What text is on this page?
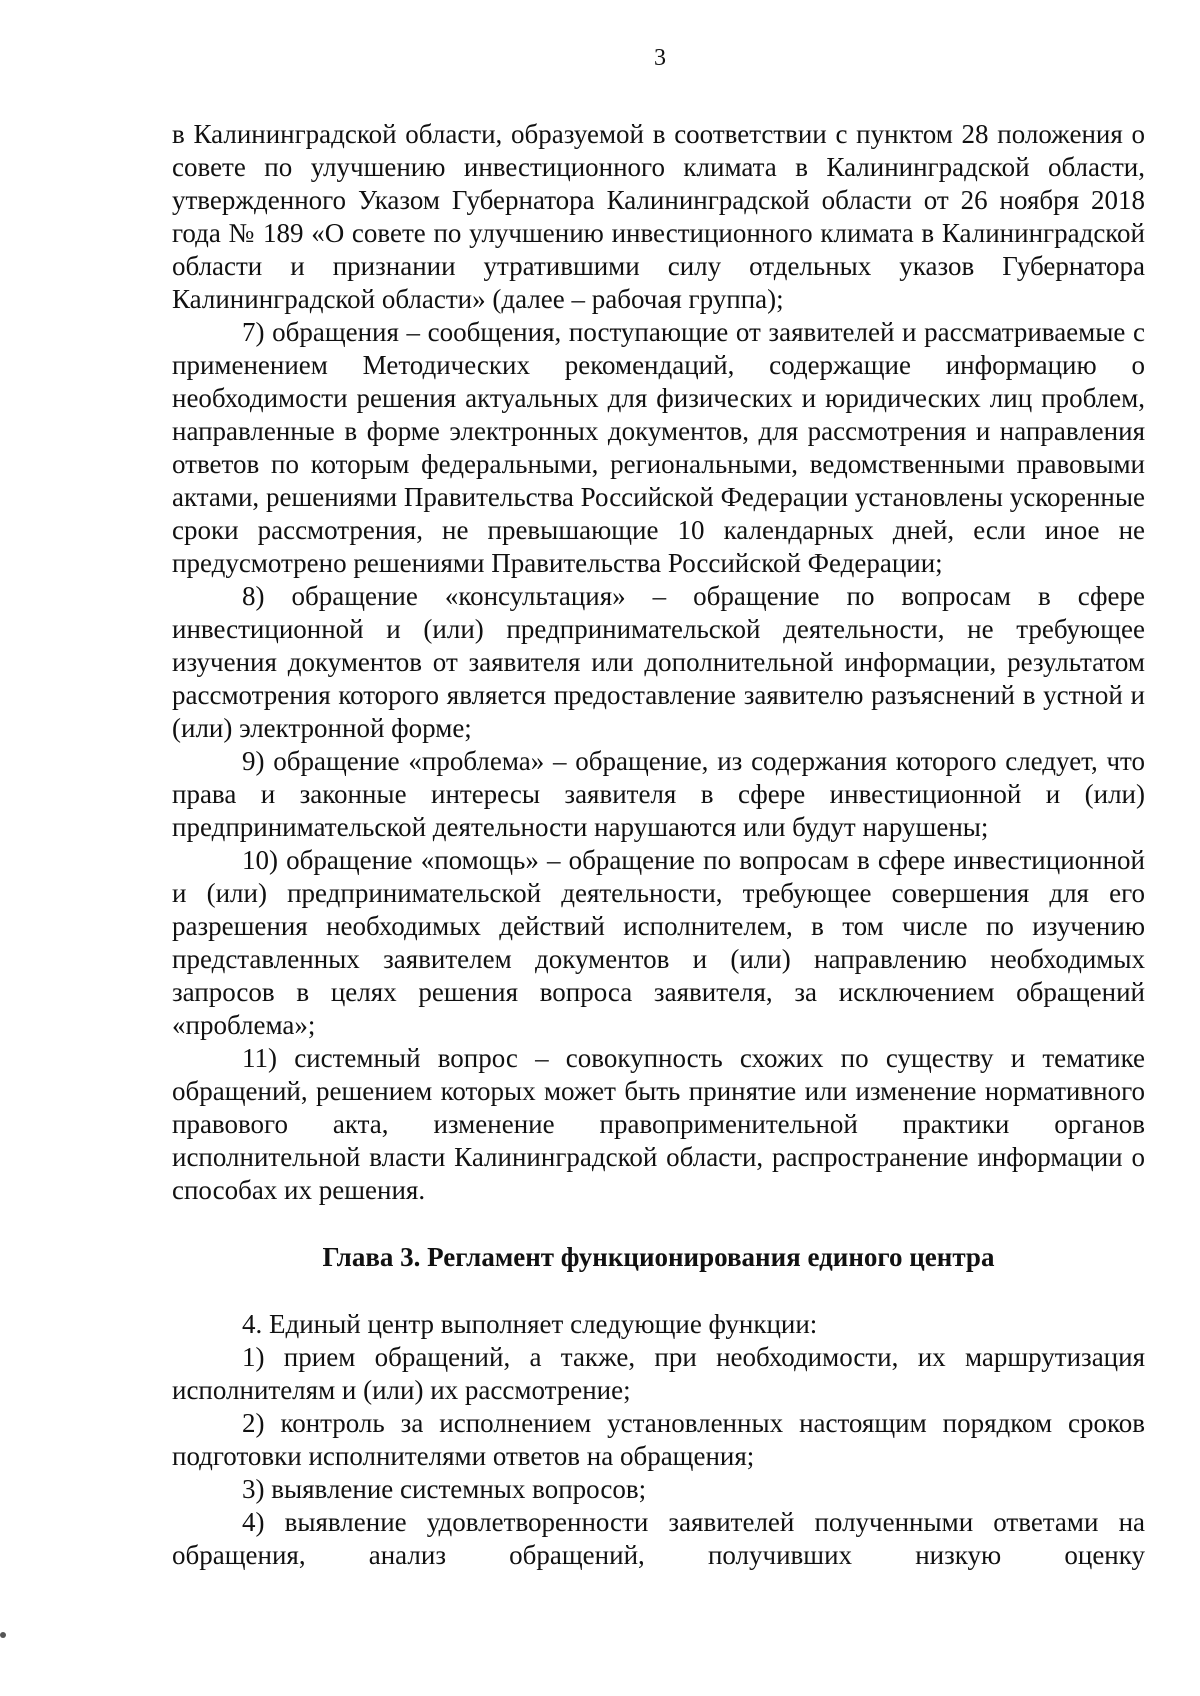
3

в Калининградской области, образуемой в соответствии с пунктом 28 положения о совете по улучшению инвестиционного климата в Калининградской области, утвержденного Указом Губернатора Калининградской области от 26 ноября 2018 года № 189 «О совете по улучшению инвестиционного климата в Калининградской области и признании утратившими силу отдельных указов Губернатора Калининградской области» (далее – рабочая группа);

7) обращения – сообщения, поступающие от заявителей и рассматриваемые с применением Методических рекомендаций, содержащие информацию о необходимости решения актуальных для физических и юридических лиц проблем, направленные в форме электронных документов, для рассмотрения и направления ответов по которым федеральными, региональными, ведомственными правовыми актами, решениями Правительства Российской Федерации установлены ускоренные сроки рассмотрения, не превышающие 10 календарных дней, если иное не предусмотрено решениями Правительства Российской Федерации;

8) обращение «консультация» – обращение по вопросам в сфере инвестиционной и (или) предпринимательской деятельности, не требующее изучения документов от заявителя или дополнительной информации, результатом рассмотрения которого является предоставление заявителю разъяснений в устной и (или) электронной форме;

9) обращение «проблема» – обращение, из содержания которого следует, что права и законные интересы заявителя в сфере инвестиционной и (или) предпринимательской деятельности нарушаются или будут нарушены;

10) обращение «помощь» – обращение по вопросам в сфере инвестиционной и (или) предпринимательской деятельности, требующее совершения для его разрешения необходимых действий исполнителем, в том числе по изучению представленных заявителем документов и (или) направлению необходимых запросов в целях решения вопроса заявителя, за исключением обращений «проблема»;

11) системный вопрос – совокупность схожих по существу и тематике обращений, решением которых может быть принятие или изменение нормативного правового акта, изменение правоприменительной практики органов исполнительной власти Калининградской области, распространение информации о способах их решения.

Глава 3. Регламент функционирования единого центра

4. Единый центр выполняет следующие функции:

1) прием обращений, а также, при необходимости, их маршрутизация исполнителям и (или) их рассмотрение;

2) контроль за исполнением установленных настоящим порядком сроков подготовки исполнителями ответов на обращения;

3) выявление системных вопросов;

4) выявление удовлетворенности заявителей полученными ответами на обращения, анализ обращений, получивших низкую оценку
